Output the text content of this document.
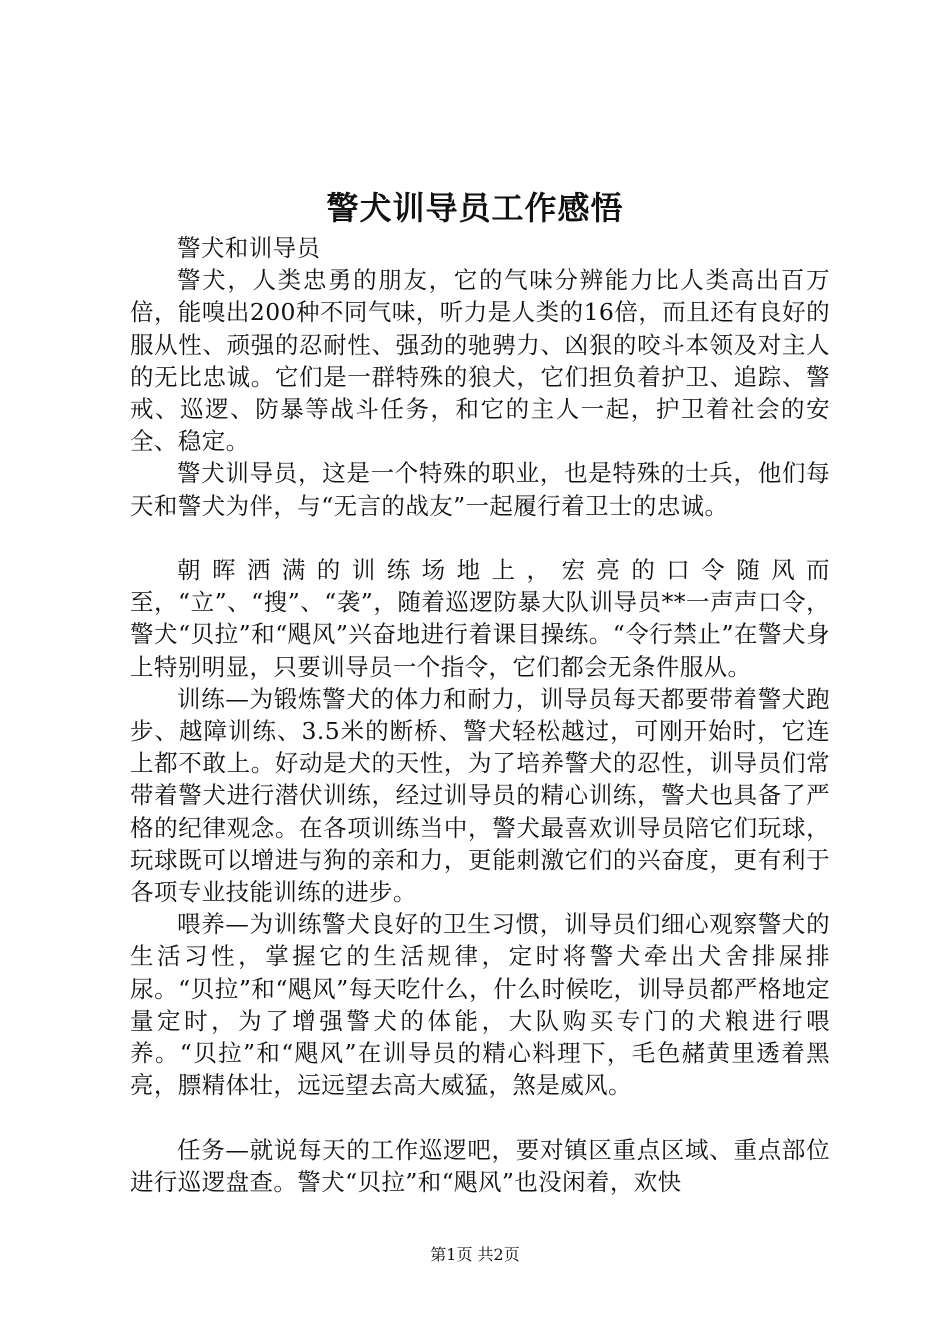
警犬训导员工作感悟

警犬和训导员

警犬，人类忠勇的朋友，它的气味分辨能力比人类高出百万倍，能嗅出200种不同气味，听力是人类的16倍，而且还有良好的服从性、顽强的忍耐性、强劲的驰骋力、凶狠的咬斗本领及对主人的无比忠诚。它们是一群特殊的狼犬，它们担负着护卫、追踪、警戒、巡逻、防暴等战斗任务，和它的主人一起，护卫着社会的安全、稳定。

警犬训导员，这是一个特殊的职业，也是特殊的士兵，他们每天和警犬为伴，与“无言的战友”一起履行着卫士的忠诚。

朝晖洒满的训练场地上，宏亮的口令随风而至，“立”、“搜”、“袭”，随着巡逻防暴大队训导员**一声声口令，警犬“贝拉”和“飓风”兴奋地进行着课目操练。“令行禁止”在警犬身上特别明显，只要训导员一个指令，它们都会无条件服从。

训练—为锻炼警犬的体力和耐力，训导员每天都要带着警犬跑步、越障训练、3.5米的断桥、警犬轻松越过，可刚开始时，它连上都不敢上。好动是犬的天性，为了培养警犬的忍性，训导员们常带着警犬进行潜伏训练，经过训导员的精心训练，警犬也具备了严格的纪律观念。在各项训练当中，警犬最喜欢训导员陪它们玩球，玩球既可以增进与狗的亲和力，更能刺激它们的兴奋度，更有利于各项专业技能训练的进步。

喂养—为训练警犬良好的卫生习惯，训导员们细心观察警犬的生活习性，掌握它的生活规律，定时将警犬牵出犬舍排屎排尿。“贝拉”和“飓风”每天吃什么，什么时候吃，训导员都严格地定量定时，为了增强警犬的体能，大队购买专门的犬粮进行喂养。“贝拉”和“飓风”在训导员的精心料理下，毛色赭黄里透着黑亮，膘精体壮，远远望去高大威猛，煞是威风。

任务—就说每天的工作巡逻吧，要对镇区重点区域、重点部位进行巡逻盘查。警犬“贝拉”和“飓风”也没闲着，欢快

第1页 共2页
